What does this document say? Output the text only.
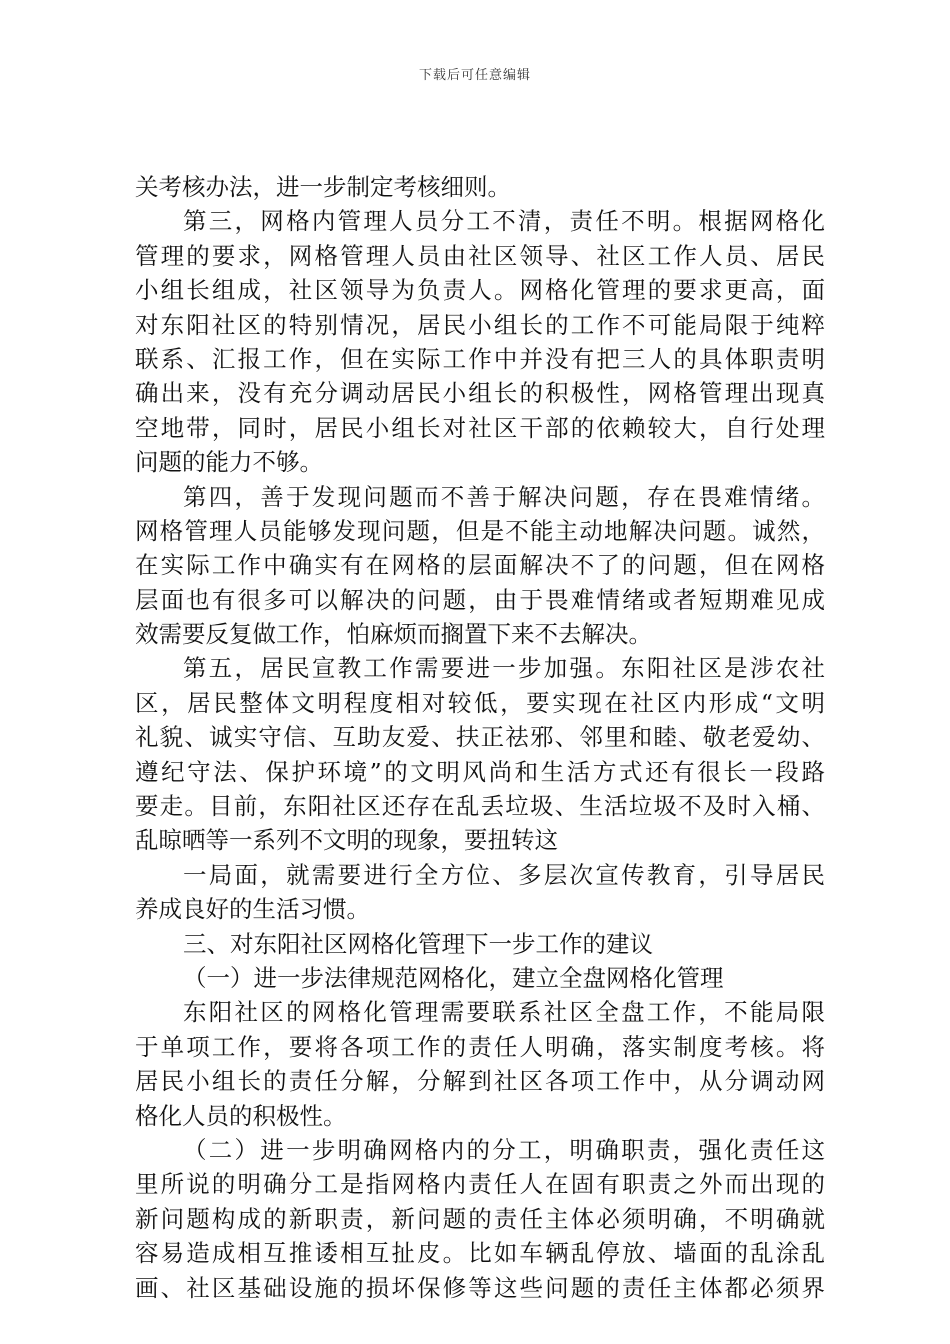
下载后可任意编辑
关考核办法，进一步制定考核细则。
第三，网格内管理人员分工不清，责任不明。根据网格化
管理的要求，网格管理人员由社区领导、社区工作人员、居民
小组长组成，社区领导为负责人。网格化管理的要求更高，面
对东阳社区的特别情况，居民小组长的工作不可能局限于纯粹
联系、汇报工作，但在实际工作中并没有把三人的具体职责明
确出来，没有充分调动居民小组长的积极性，网格管理出现真
空地带，同时，居民小组长对社区干部的依赖较大，自行处理
问题的能力不够。
第四，善于发现问题而不善于解决问题，存在畏难情绪。
网格管理人员能够发现问题，但是不能主动地解决问题。诚然，
在实际工作中确实有在网格的层面解决不了的问题，但在网格
层面也有很多可以解决的问题，由于畏难情绪或者短期难见成
效需要反复做工作，怕麻烦而搁置下来不去解决。
第五，居民宣教工作需要进一步加强。东阳社区是涉农社
区，居民整体文明程度相对较低，要实现在社区内形成“文明
礼貌、诚实守信、互助友爱、扶正祛邪、邻里和睦、敬老爱幼、
遵纪守法、保护环境”的文明风尚和生活方式还有很长一段路
要走。目前，东阳社区还存在乱丢垃圾、生活垃圾不及时入桶、
乱晾晒等一系列不文明的现象，要扭转这
一局面，就需要进行全方位、多层次宣传教育，引导居民
养成良好的生活习惯。
三、对东阳社区网格化管理下一步工作的建议
（一）进一步法律规范网格化，建立全盘网格化管理
东阳社区的网格化管理需要联系社区全盘工作，不能局限
于单项工作，要将各项工作的责任人明确，落实制度考核。将
居民小组长的责任分解，分解到社区各项工作中，从分调动网
格化人员的积极性。
（二）进一步明确网格内的分工，明确职责，强化责任这
里所说的明确分工是指网格内责任人在固有职责之外而出现的
新问题构成的新职责，新问题的责任主体必须明确，不明确就
容易造成相互推诿相互扯皮。比如车辆乱停放、墙面的乱涂乱
画、社区基础设施的损坏保修等这些问题的责任主体都必须界
